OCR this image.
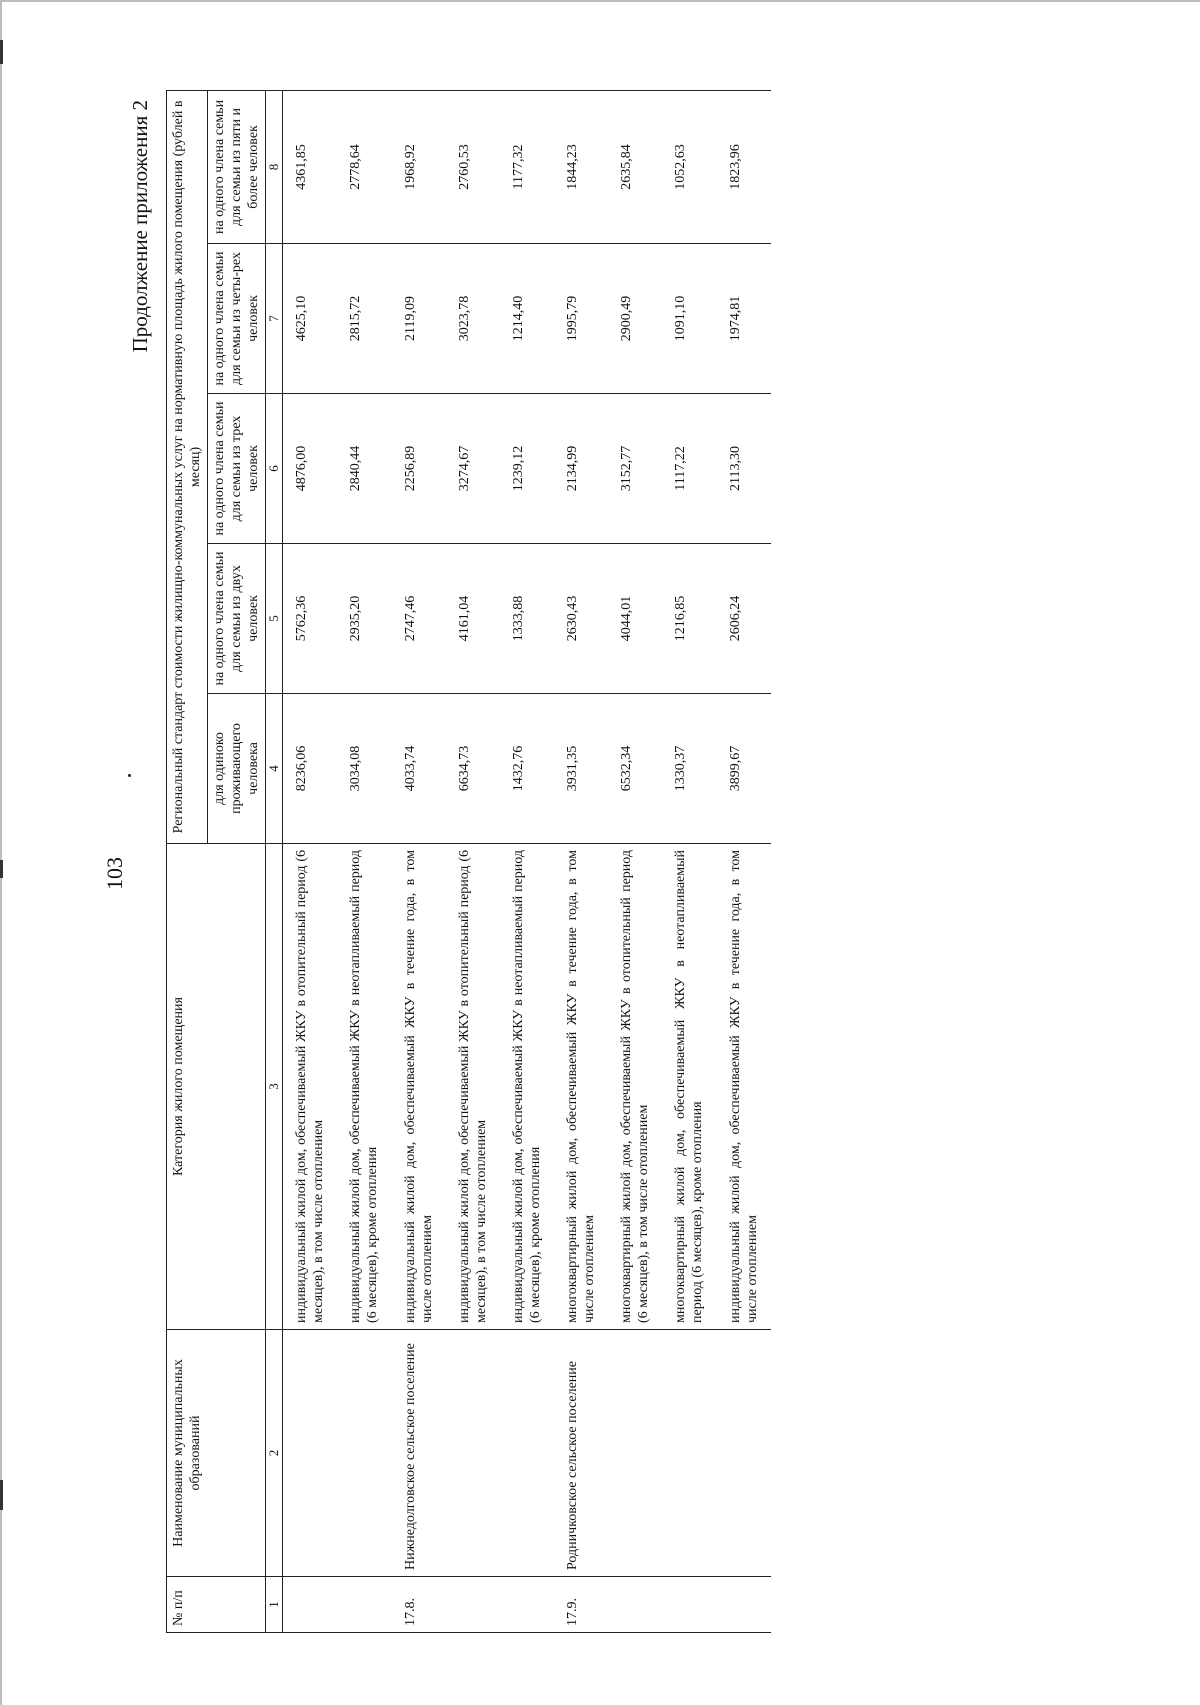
103
Продолжение приложения 2
№ п/п	Наименование муниципальных образований	Категория жилого помещения	Региональный стандарт стоимости жилищно-коммунальных услуг на нормативную площадь жилого помещения (рублей в месяц)				
			для одиноко проживающего человека	на одного члена семьи для семьи из двух человек	на одного члена семьи для семьи из трех человек	на одного члена семьи для семьи из четы-рех человек	на одного члена семьи для семьи из пяти и более человек
1	2	3	4	5	6	7	8
		индивидуальный жилой дом, обеспечиваемый ЖКУ в отопительный период (6 месяцев), в том числе отоплением	8236,06	5762,36	4876,00	4625,10	4361,85
		индивидуальный жилой дом, обеспечиваемый ЖКУ в неотапливаемый период (6 месяцев), кроме отопления	3034,08	2935,20	2840,44	2815,72	2778,64
17.8.	Нижнедолговское сельское поселение	индивидуальный жилой дом, обеспечиваемый ЖКУ в течение года, в том числе отоплением	4033,74	2747,46	2256,89	2119,09	1968,92
		индивидуальный жилой дом, обеспечиваемый ЖКУ в отопительный период (6 месяцев), в том числе отоплением	6634,73	4161,04	3274,67	3023,78	2760,53
		индивидуальный жилой дом, обеспечиваемый ЖКУ в неотапливаемый период (6 месяцев), кроме отопления	1432,76	1333,88	1239,12	1214,40	1177,32
17.9.	Родничковское сельское поселение	многоквартирный жилой дом, обеспечиваемый ЖКУ в течение года, в том числе отоплением	3931,35	2630,43	2134,99	1995,79	1844,23
		многоквартирный жилой дом, обеспечиваемый ЖКУ в отопительный период (6 месяцев), в том числе отоплением	6532,34	4044,01	3152,77	2900,49	2635,84
		многоквартирный жилой дом, обеспечиваемый ЖКУ в неотапливаемый период (6 месяцев), кроме отопления	1330,37	1216,85	1117,22	1091,10	1052,63
		индивидуальный жилой дом, обеспечиваемый ЖКУ в течение года, в том числе отоплением	3899,67	2606,24	2113,30	1974,81	1823,96
